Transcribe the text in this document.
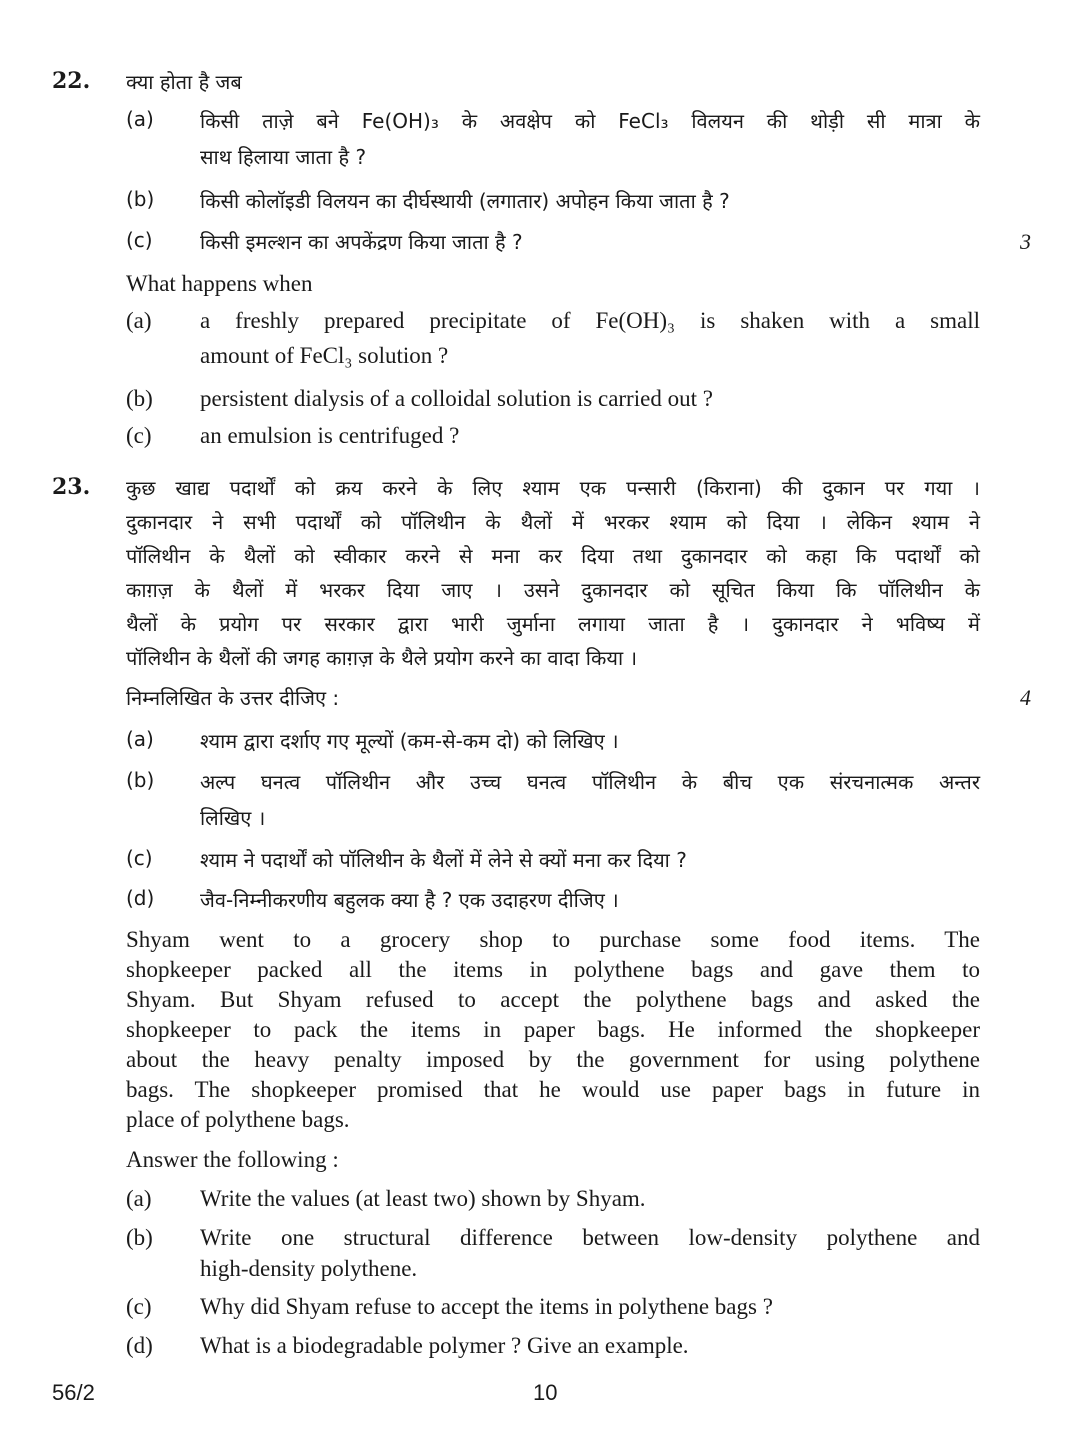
22. क्या होता है जब
(a) किसी ताज़े बने Fe(OH)₃ के अवक्षेप को FeCl₃ विलयन की थोड़ी सी मात्रा के
साथ हिलाया जाता है ?
(b) किसी कोलॉइडी विलयन का दीर्घस्थायी (लगातार) अपोहन किया जाता है ?
(c) किसी इमल्शन का अपकेंद्रण किया जाता है ?	3
What happens when
(a) a freshly prepared precipitate of Fe(OH)₃ is shaken with a small
amount of FeCl₃ solution ?
(b) persistent dialysis of a colloidal solution is carried out ?
(c) an emulsion is centrifuged ?
23. कुछ खाद्य पदार्थों को क्रय करने के लिए श्याम एक पन्सारी (किराना) की दुकान पर गया ।
दुकानदार ने सभी पदार्थों को पॉलिथीन के थैलों में भरकर श्याम को दिया । लेकिन श्याम ने
पॉलिथीन के थैलों को स्वीकार करने से मना कर दिया तथा दुकानदार को कहा कि पदार्थों को
काग़ज़ के थैलों में भरकर दिया जाए । उसने दुकानदार को सूचित किया कि पॉलिथीन के
थैलों के प्रयोग पर सरकार द्वारा भारी जुर्माना लगाया जाता है । दुकानदार ने भविष्य में
पॉलिथीन के थैलों की जगह काग़ज़ के थैले प्रयोग करने का वादा किया ।
निम्नलिखित के उत्तर दीजिए :	4
(a) श्याम द्वारा दर्शाए गए मूल्यों (कम-से-कम दो) को लिखिए ।
(b) अल्प घनत्व पॉलिथीन और उच्च घनत्व पॉलिथीन के बीच एक संरचनात्मक अन्तर
लिखिए ।
(c) श्याम ने पदार्थों को पॉलिथीन के थैलों में लेने से क्यों मना कर दिया ?
(d) जैव-निम्नीकरणीय बहुलक क्या है ? एक उदाहरण दीजिए ।
Shyam went to a grocery shop to purchase some food items. The
shopkeeper packed all the items in polythene bags and gave them to
Shyam. But Shyam refused to accept the polythene bags and asked the
shopkeeper to pack the items in paper bags. He informed the shopkeeper
about the heavy penalty imposed by the government for using polythene
bags. The shopkeeper promised that he would use paper bags in future in
place of polythene bags.
Answer the following :
(a) Write the values (at least two) shown by Shyam.
(b) Write one structural difference between low-density polythene and
high-density polythene.
(c) Why did Shyam refuse to accept the items in polythene bags ?
(d) What is a biodegradable polymer ? Give an example.
56/2	10
